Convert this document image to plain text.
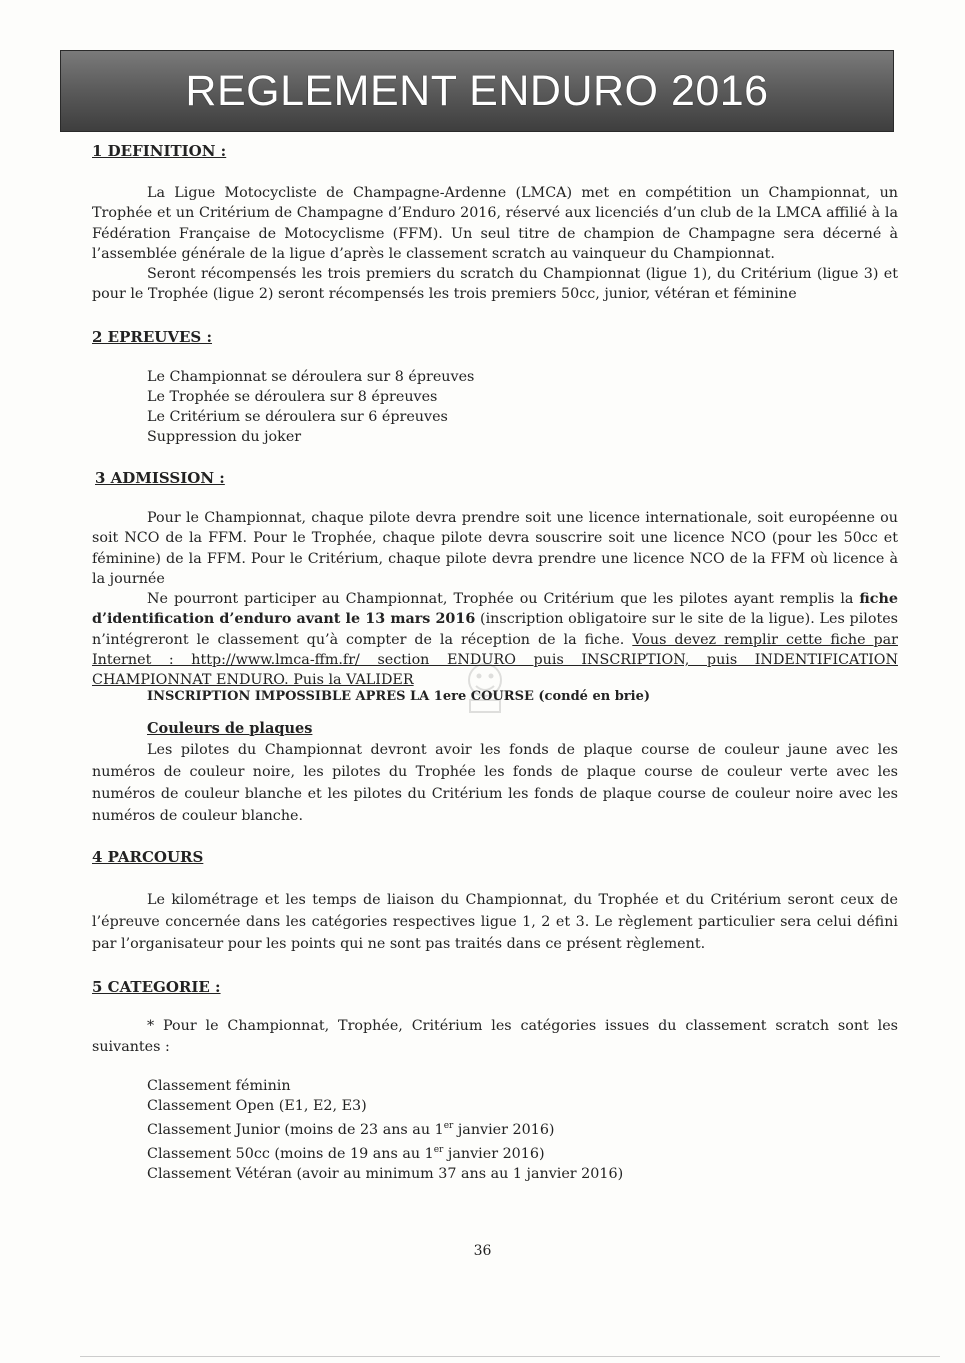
REGLEMENT ENDURO 2016
1 DEFINITION :

La Ligue Motocycliste de Champagne-Ardenne (LMCA) met en compétition un Championnat, un Trophée et un Critérium de Champagne d’Enduro 2016, réservé aux licenciés d’un club de la LMCA affilié à la Fédération Française de Motocyclisme (FFM). Un seul titre de champion de Champagne sera décerné à l’assemblée générale de la ligue d’après le classement scratch au vainqueur du Championnat.

Seront récompensés les trois premiers du scratch du Championnat (ligue 1), du Critérium (ligue 3) et pour le Trophée (ligue 2) seront récompensés les trois premiers 50cc, junior, vétéran et féminine

2 EPREUVES :
Le Championnat se déroulera sur 8 épreuves
Le Trophée se déroulera sur 8 épreuves
Le Critérium se déroulera sur 6 épreuves
Suppression du joker
3 ADMISSION :

Pour le Championnat, chaque pilote devra prendre soit une licence internationale, soit européenne ou soit NCO de la FFM. Pour le Trophée, chaque pilote devra souscrire soit une licence NCO (pour les 50cc et féminine) de la FFM. Pour le Critérium, chaque pilote devra prendre une licence NCO de la FFM où licence à la journée

Ne pourront participer au Championnat, Trophée ou Critérium que les pilotes ayant remplis la fiche d’identification d’enduro avant le 13 mars 2016 (inscription obligatoire sur le site de la ligue). Les pilotes n’intégreront le classement qu’à compter de la réception de la fiche. Vous devez remplir cette fiche par Internet : http://www.lmca-ffm.fr/ section ENDURO puis INSCRIPTION, puis INDENTIFICATION CHAMPIONNAT ENDURO. Puis la VALIDER

INSCRIPTION IMPOSSIBLE APRES LA 1ere COURSE (condé en brie)
Couleurs de plaques

Les pilotes du Championnat devront avoir les fonds de plaque course de couleur jaune avec les numéros de couleur noire, les pilotes du Trophée les fonds de plaque course de couleur verte avec les numéros de couleur blanche et les pilotes du Critérium les fonds de plaque course de couleur noire avec les numéros de couleur blanche.

4 PARCOURS

Le kilométrage et les temps de liaison du Championnat, du Trophée et du Critérium seront ceux de l’épreuve concernée dans les catégories respectives ligue 1, 2 et 3. Le règlement particulier sera celui défini par l’organisateur pour les points qui ne sont pas traités dans ce présent règlement.

5 CATEGORIE :

* Pour le Championnat, Trophée, Critérium les catégories issues du classement scratch sont les suivantes :

Classement féminin
Classement Open (E1, E2, E3)
Classement Junior (moins de 23 ans au 1er janvier 2016)
Classement 50cc (moins de 19 ans au 1er janvier 2016)
Classement Vétéran (avoir au minimum 37 ans au 1 janvier 2016)
36
